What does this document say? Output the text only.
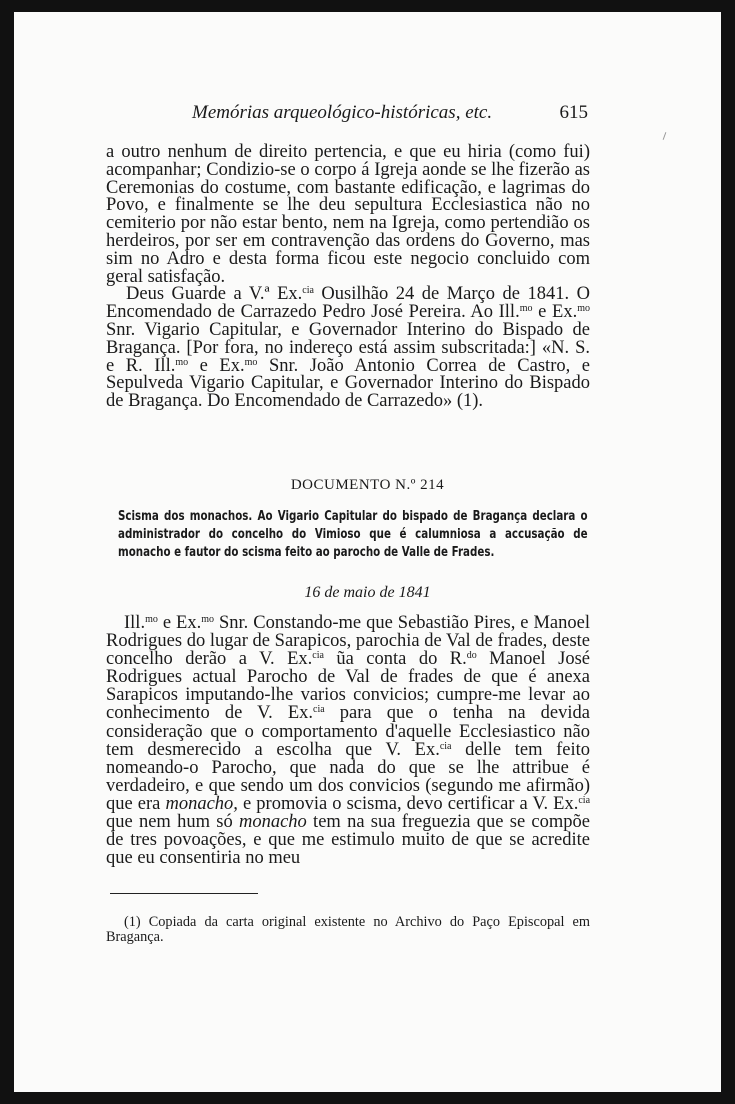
Memórias arqueológico-históricas, etc.	615

a outro nenhum de direito pertencia, e que eu hiria (como fui) acompanhar; Condizio-se o corpo á Igreja aonde se lhe fizerão as Ceremonias do costume, com bastante edificação, e lagrimas do Povo, e finalmente se lhe deu sepultura Ecclesiastica não no cemiterio por não estar bento, nem na Igreja, como pertendião os herdeiros, por ser em contravenção das ordens do Governo, mas sim no Adro e desta forma ficou este negocio concluido com geral satisfação.

Deus Guarde a V.ª Ex.$^{cia}$ Ousilhão 24 de Março de 1841. O Encomendado de Carrazedo Pedro José Pereira. Ao Ill.$^{mo}$ e Ex.$^{mo}$ Snr. Vigario Capitular, e Governador Interino do Bispado de Bragança. [Por fora, no indereço está assim subscritada:] «N. S. e R. Ill.$^{mo}$ e Ex.$^{mo}$ Snr. João Antonio Correa de Castro, e Sepulveda Vigario Capitular, e Governador Interino do Bispado de Bragança. Do Encomendado de Carrazedo» (1).

DOCUMENTO N.º 214
Scisma dos monachos. Ao Vigario Capitular do bispado de Bragança declara o administrador do concelho do Vimioso que é calumniosa a accusação de monacho e fautor do scisma feito ao parocho de Valle de Frades.
16 de maio de 1841

Ill.$^{mo}$ e Ex.$^{mo}$ Snr. Constando-me que Sebastião Pires, e Manoel Rodrigues do lugar de Sarapicos, parochia de Val de frades, deste concelho derão a V. Ex.$^{cia}$ ũa conta do R.$^{do}$ Manoel José Rodrigues actual Parocho de Val de frades de que é anexa Sarapicos imputando-lhe varios convicios; cumpre-me levar ao conhecimento de V. Ex.$^{cia}$ para que o tenha na devida consideração que o comportamento d'aquelle Ecclesiastico não tem desmerecido a escolha que V. Ex.$^{cia}$ delle tem feito nomeando-o Parocho, que nada do que se lhe attribue é verdadeiro, e que sendo um dos convicios (segundo me afirmão) que era monacho, e promovia o scisma, devo certificar a V. Ex.$^{cia}$ que nem hum só monacho tem na sua freguezia que se compõe de tres povoações, e que me estimulo muito de que se acredite que eu consentiria no meu

(1) Copiada da carta original existente no Archivo do Paço Episcopal em Bragança.
